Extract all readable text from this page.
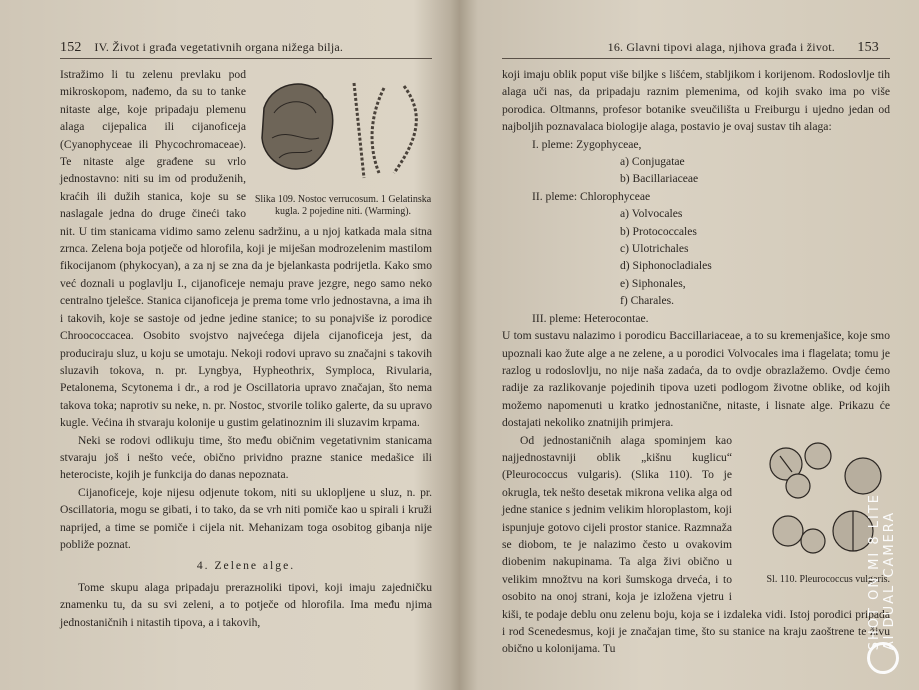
152 IV. Život i građa vegetativnih organa nižega bilja.

Slika 109. Nostoc verrucosum. 1 Gelatinska kugla. 2 pojedine niti. (Warming).
Istražimo li tu zelenu prevlaku pod mikroskopom, nađemo, da su to tanke nitaste alge, koje pripadaju plemenu alaga cijepalica ili cijanoficeja (Cyanophyceae ili Phycochromaceae). Te nitaste alge građene su vrlo jednostavno: niti su im od produženih, kraćih ili dužih stanica, koje su se naslagale jedna do druge čineći tako nit. U tim stanicama vidimo samo zelenu sadržinu, a u njoj katkada mala sitna zrnca. Zelena boja potječe od hlorofila, koji je miješan modrozelenim mastilom fikocijanom (phykocyan), a za nj se zna da je bjelankasta podrijetla. Kako smo već doznali u poglavlju I., cijanoficeje nemaju prave jezgre, nego samo neko centralno tjelešce. Stanica cijanoficeja je prema tome vrlo jednostavna, a ima ih i takovih, koje se sastoje od jedne jedine stanice; to su ponajviše iz porodice Chroococcacea. Osobito svojstvo najvećega dijela cijanoficeja jest, da produciraju sluz, u koju se umotaju. Nekoji rodovi upravo su značajni s takovih sluzavih tokova, n. pr. Lyngbya, Hypheothrix, Symploca, Rivularia, Petalonema, Scytonema i dr., a rod je Oscillatoria upravo značajan, što nema takova toka; naprotiv su neke, n. pr. Nostoc, stvorile toliko galerte, da su upravo kugle. Većina ih stvaraju kolonije u gustim gelatinoznim ili sluzavim krpama.

Neki se rodovi odlikuju time, što među običnim vegetativnim stanicama stvaraju još i nešto veće, obično prividno prazne stanice medašice ili heterociste, kojih je funkcija do danas nepoznata.

Cijanoficeje, koje nijesu odjenute tokom, niti su uklopljene u sluz, n. pr. Oscillatoria, mogu se gibati, i to tako, da se vrh niti pomiče kao u spirali i kruži naprijed, a time se pomiče i cijela nit. Mehanizam toga osobitog gibanja nije pobliže poznat.

4. Zelene alge.

Tome skupu alaga pripadaju prerazноliki tipovi, koji imaju zajedničku znamenku tu, da su svi zeleni, a to potječe od hlorofila. Ima među njima jednostaničnih i nitastih tipova, a i takovih,

16. Glavni tipovi alaga, njihova građa i život. 153

koji imaju oblik poput više biljke s lišćem, stabljikom i korijenom. Rodoslovlje tih alaga uči nas, da pripadaju raznim plemenima, od kojih svako ima po više porodica. Oltmanns, profesor botanike sveučilišta u Freiburgu i ujedno jedan od najboljih poznavalaca biologije alaga, postavio je ovaj sustav tih alaga:

I. pleme: Zygophyceae,
a) Conjugatae
b) Bacillariaceae
II. pleme: Chlorophyceae
a) Volvocales
b) Protococcales
c) Ulotrichales
d) Siphonocladiales
e) Siphonales,
f) Charales.
III. pleme: Heterocontae.

U tom sustavu nalazimo i porodicu Baccillariaceae, a to su kremenjašice, koje smo upoznali kao žute alge a ne zelene, a u porodici Volvocales ima i flagelata; tomu je razlog u rodoslovlju, no nije naša zadaća, da to ovdje obrazlažemo. Ovdje ćemo radije za razlikovanje pojedinih tipova uzeti podlogom životne oblike, od kojih možemo napomenuti u kratko jednostanične, nitaste, i lisnate alge. Prikazu će dostajati nekoliko znatnijih primjera.

Sl. 110. Pleurococcus vulgaris.
Od jednostaničnih alaga spominjem kao najjednostavniji oblik „kišnu kuglicu“ (Pleurococcus vulgaris). (Slika 110). To je okrugla, tek nešto desetak mikrona velika alga od jedne stanice s jednim velikim hloroplastom, koji ispunjuje gotovo cijeli prostor stanice. Razmnaža se diobom, te je nalazimo često u ovakovim diobenim nakupinama. Ta alga živi obično u velikim množtvu na kori šumskoga drveća, i to osobito na onoj strani, koja je izložena vjetru i kiši, te podaje deblu onu zelenu boju, koja se i izdaleka vidi. Istoj porodici pripada i rod Scenedesmus, koji je značajan time, što su stanice na kraju zaoštrene te živu obično u kolonijama. Tu	SHOT ON MI 8 LITE AI DUAL CAMERA
